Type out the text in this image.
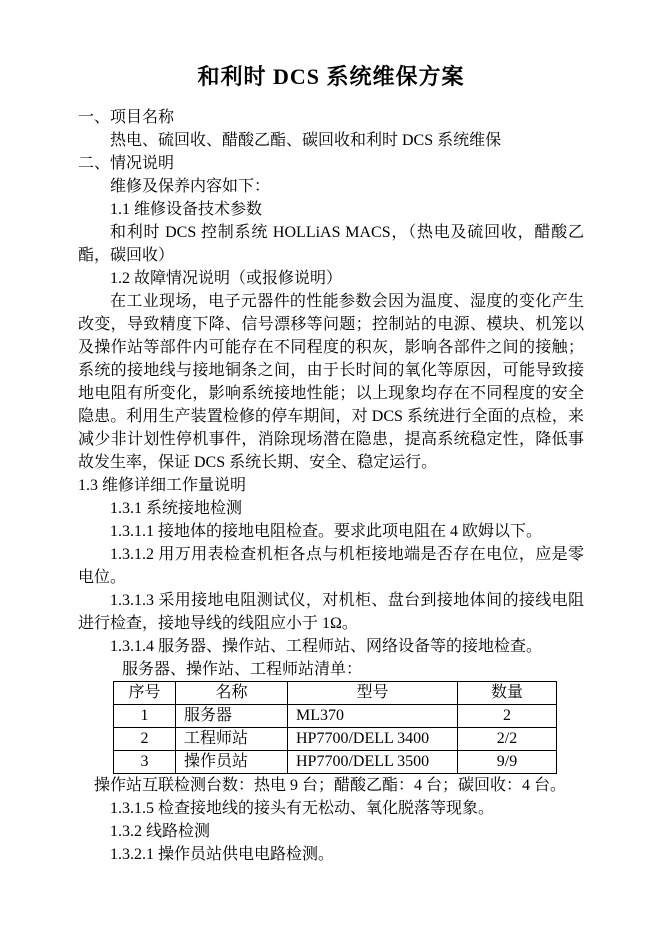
和利时 DCS 系统维保方案

一、项目名称

热电、硫回收、醋酸乙酯、碳回收和利时 DCS 系统维保

二、情况说明

维修及保养内容如下：

1.1 维修设备技术参数

和利时 DCS 控制系统 HOLLiAS MACS，（热电及硫回收，醋酸乙酯，碳回收）

1.2 故障情况说明（或报修说明）

在工业现场，电子元器件的性能参数会因为温度、湿度的变化产生改变，导致精度下降、信号漂移等问题；控制站的电源、模块、机笼以及操作站等部件内可能存在不同程度的积灰，影响各部件之间的接触；系统的接地线与接地铜条之间，由于长时间的氧化等原因，可能导致接地电阻有所变化，影响系统接地性能；以上现象均存在不同程度的安全隐患。利用生产装置检修的停车期间，对 DCS 系统进行全面的点检，来减少非计划性停机事件，消除现场潜在隐患，提高系统稳定性，降低事故发生率，保证 DCS 系统长期、安全、稳定运行。

1.3 维修详细工作量说明

1.3.1 系统接地检测

1.3.1.1 接地体的接地电阻检查。要求此项电阻在 4 欧姆以下。

1.3.1.2 用万用表检查机柜各点与机柜接地端是否存在电位，应是零电位。

1.3.1.3 采用接地电阻测试仪，对机柜、盘台到接地体间的接线电阻进行检查，接地导线的线阻应小于 1Ω。

1.3.1.4 服务器、操作站、工程师站、网络设备等的接地检查。

服务器、操作站、工程师站清单：

序号	名称	型号	数量
1	服务器	ML370	2
2	工程师站	HP7700/DELL 3400	2/2
3	操作员站	HP7700/DELL 3500	9/9

操作站互联检测台数：热电 9 台；醋酸乙酯：4 台；碳回收：4 台。

1.3.1.5 检查接地线的接头有无松动、氧化脱落等现象。

1.3.2 线路检测

1.3.2.1 操作员站供电电路检测。
